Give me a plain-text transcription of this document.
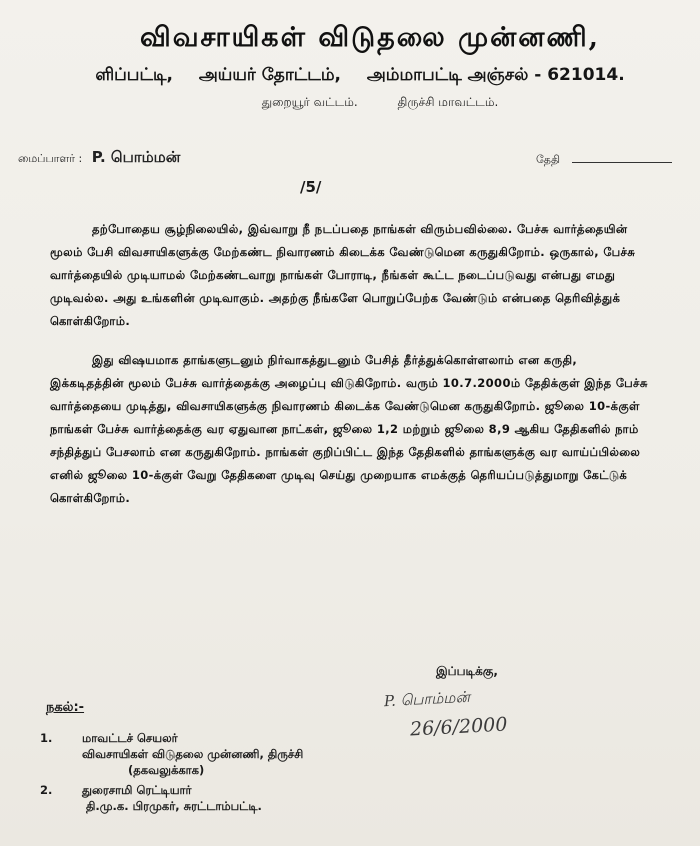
விவசாயிகள் விடுதலை முன்னணி,
ளிப்பட்டி, அய்யர் தோட்டம், அம்மாபட்டி அஞ்சல் - 621014.
துறையூர் வட்டம்.	திருச்சி மாவட்டம்.
மைப்பாளர் : P. பொம்மன்	தேதி
/5/

தற்போதைய சூழ்நிலையில், இவ்வாறு நீ நடப்பதை நாங்கள் விரும்பவில்லை. பேச்சு வார்த்தையின் மூலம் பேசி விவசாயிகளுக்கு மேற்கண்ட நிவாரணம் கிடைக்க வேண்டுமென கருதுகிறோம். ஒருகால், பேச்சு வார்த்தையில் முடியாமல் மேற்கண்டவாறு நாங்கள் போராடி, நீங்கள் கூட்ட நடைப்படுவது என்பது எமது முடிவல்ல. அது உங்களின் முடிவாகும். அதற்கு நீங்களே பொறுப்பேற்க வேண்டும் என்பதை தெரிவித்துக் கொள்கிறோம்.

இது விஷயமாக தாங்களுடனும் நிர்வாகத்துடனும் பேசித் தீர்த்துக்கொள்ளலாம் என கருதி, இக்கடிதத்தின் மூலம் பேச்சு வார்த்தைக்கு அழைப்பு விடுகிறோம். வரும் 10.7.2000ம் தேதிக்குள் இந்த பேச்சு வார்த்தையை முடித்து, விவசாயிகளுக்கு நிவாரணம் கிடைக்க வேண்டுமென கருதுகிறோம். ஜூலை 10-க்குள் நாங்கள் பேச்சு வார்த்தைக்கு வர ஏதுவான நாட்கள், ஜூலை 1,2 மற்றும் ஜூலை 8,9 ஆகிய தேதிகளில் நாம் சந்தித்துப் பேசலாம் என கருதுகிறோம். நாங்கள் குறிப்பிட்ட இந்த தேதிகளில் தாங்களுக்கு வர வாய்ப்பில்லை எனில் ஜூலை 10-க்குள் வேறு தேதிகளை முடிவு செய்து முறையாக எமக்குத் தெரியப்படுத்துமாறு கேட்டுக் கொள்கிறோம்.

இப்படிக்கு,
P. பொம்மன்
26/6/2000
நகல்:-
1.	மாவட்டச் செயலர்
விவசாயிகள் விடுதலை முன்னணி, திருச்சி
(தகவலுக்காக)
2.	துரைசாமி ரெட்டியார்
தி.மு.க. பிரமுகர், சுரட்டாம்பட்டி.
